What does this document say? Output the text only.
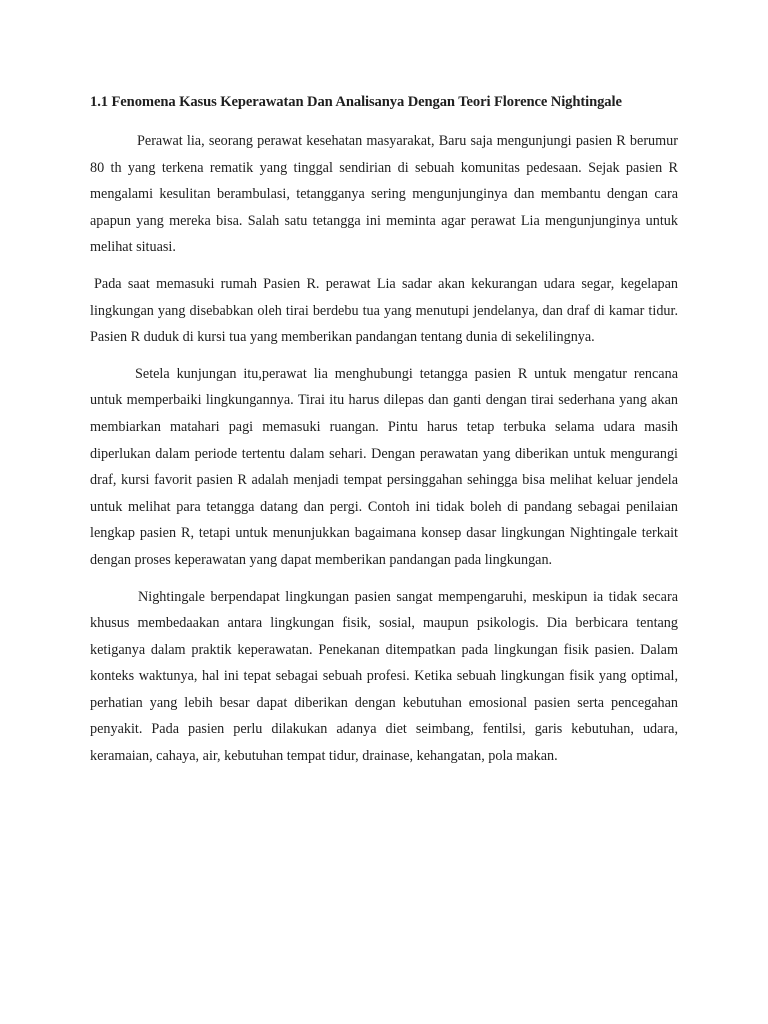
1.1 Fenomena Kasus Keperawatan Dan Analisanya Dengan Teori Florence Nightingale

Perawat lia, seorang perawat kesehatan masyarakat, Baru saja mengunjungi pasien R berumur 80 th yang terkena rematik yang tinggal sendirian di sebuah komunitas pedesaan. Sejak pasien R mengalami kesulitan berambulasi, tetangganya sering mengunjunginya dan membantu dengan cara apapun yang mereka bisa. Salah satu tetangga ini meminta agar perawat Lia mengunjunginya untuk melihat situasi.

Pada saat memasuki rumah Pasien R. perawat Lia sadar akan kekurangan udara segar, kegelapan lingkungan yang disebabkan oleh tirai berdebu tua yang menutupi jendelanya, dan draf di kamar tidur. Pasien R duduk di kursi tua yang memberikan pandangan tentang dunia di sekelilingnya.

Setela kunjungan itu,perawat lia menghubungi tetangga pasien R untuk mengatur rencana untuk memperbaiki lingkungannya. Tirai itu harus dilepas dan ganti dengan tirai sederhana yang akan membiarkan matahari pagi memasuki ruangan. Pintu harus tetap terbuka selama udara masih diperlukan dalam periode tertentu dalam sehari. Dengan perawatan yang diberikan untuk mengurangi draf, kursi favorit pasien R adalah menjadi tempat persinggahan sehingga bisa melihat keluar jendela untuk melihat para tetangga datang dan pergi. Contoh ini tidak boleh di pandang sebagai penilaian lengkap pasien R, tetapi untuk menunjukkan bagaimana konsep dasar lingkungan Nightingale terkait dengan proses keperawatan yang dapat memberikan pandangan pada lingkungan.

Nightingale berpendapat lingkungan pasien sangat mempengaruhi, meskipun ia tidak secara khusus membedaakan antara lingkungan fisik, sosial, maupun psikologis. Dia berbicara tentang ketiganya dalam praktik keperawatan. Penekanan ditempatkan pada lingkungan fisik pasien. Dalam konteks waktunya, hal ini tepat sebagai sebuah profesi. Ketika sebuah lingkungan fisik yang optimal, perhatian yang lebih besar dapat diberikan dengan kebutuhan emosional pasien serta pencegahan penyakit. Pada pasien perlu dilakukan adanya diet seimbang, fentilsi, garis kebutuhan, udara, keramaian, cahaya, air, kebutuhan tempat tidur, drainase, kehangatan, pola makan.
